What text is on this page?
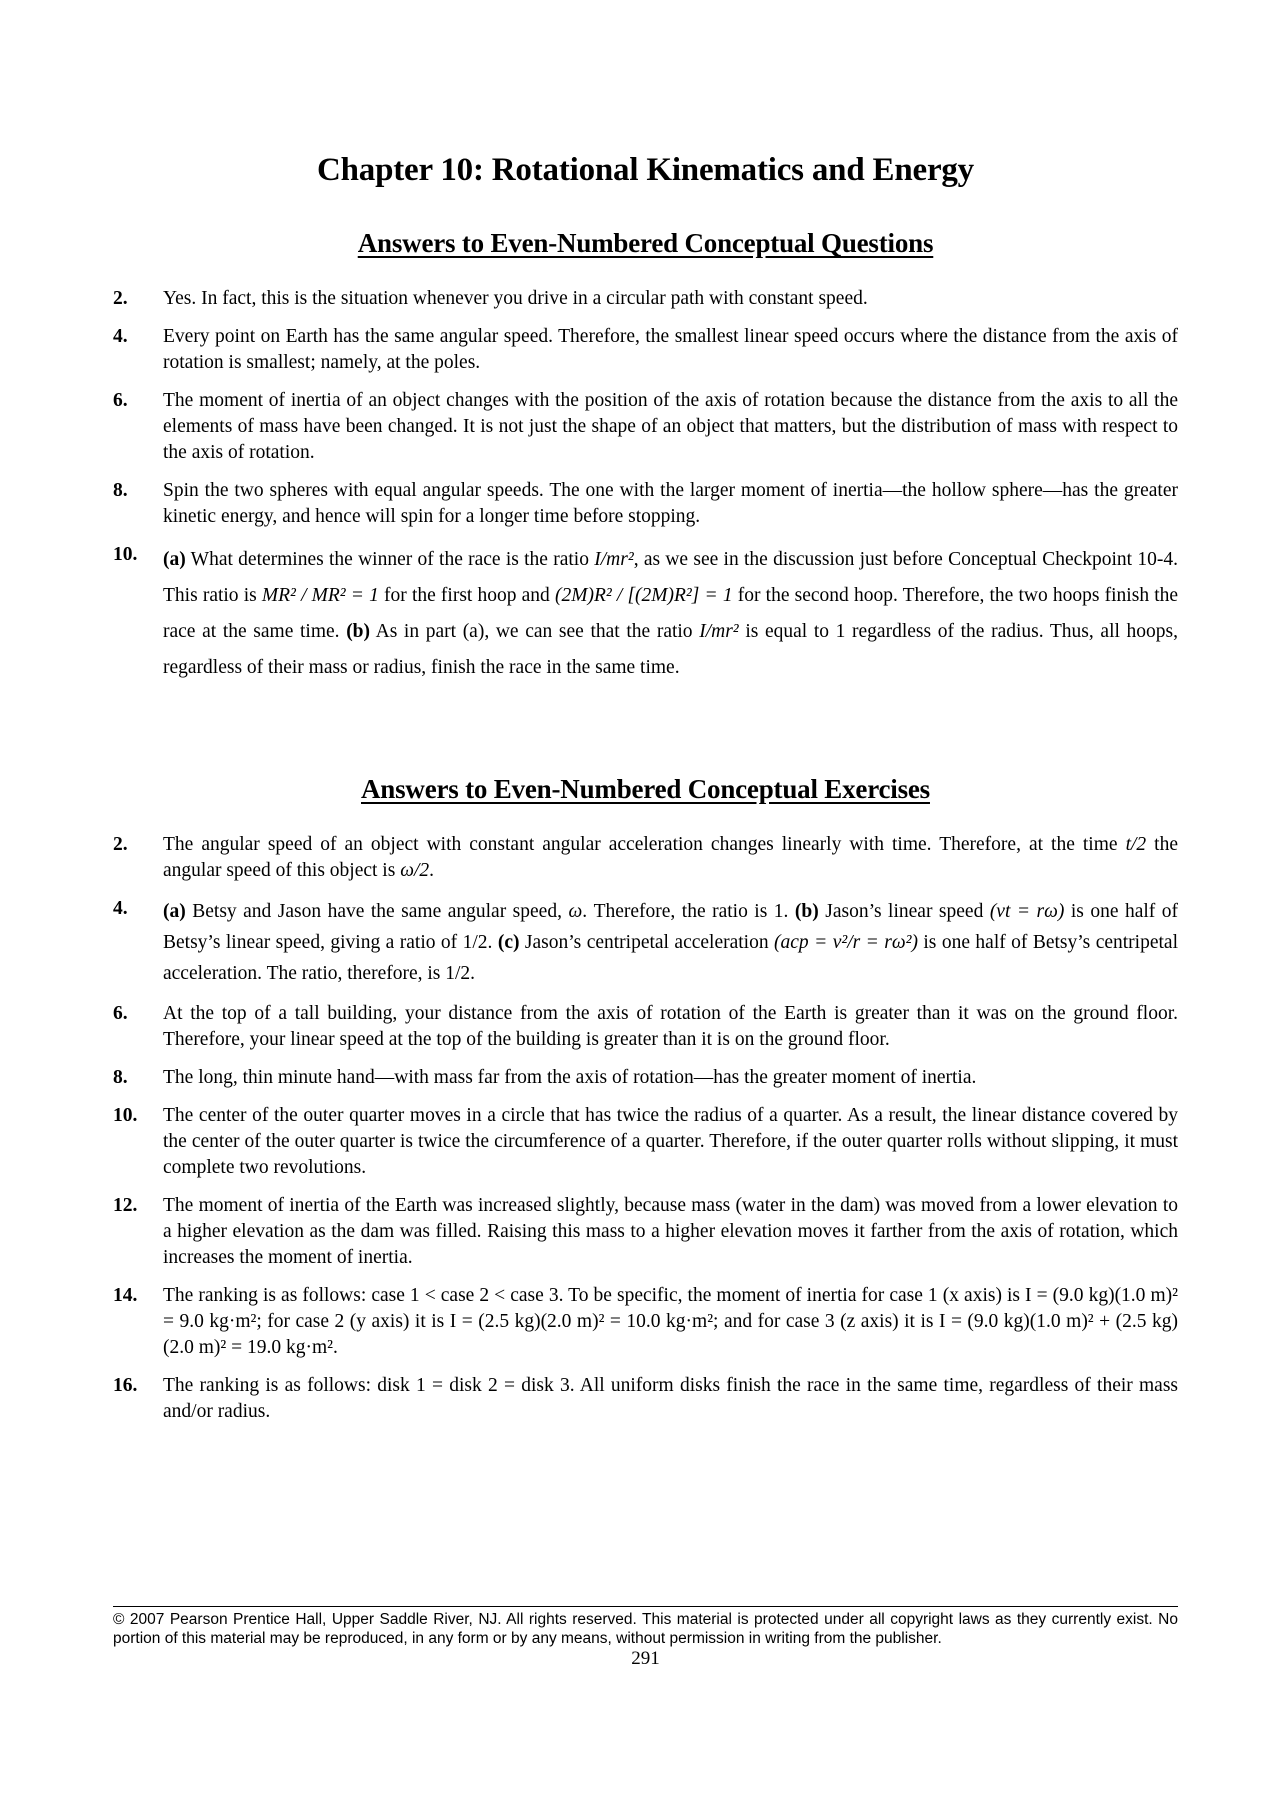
Chapter 10: Rotational Kinematics and Energy
Answers to Even-Numbered Conceptual Questions
2.	Yes. In fact, this is the situation whenever you drive in a circular path with constant speed.
4.	Every point on Earth has the same angular speed. Therefore, the smallest linear speed occurs where the distance from the axis of rotation is smallest; namely, at the poles.
6.	The moment of inertia of an object changes with the position of the axis of rotation because the distance from the axis to all the elements of mass have been changed. It is not just the shape of an object that matters, but the distribution of mass with respect to the axis of rotation.
8.	Spin the two spheres with equal angular speeds. The one with the larger moment of inertia—the hollow sphere—has the greater kinetic energy, and hence will spin for a longer time before stopping.
10.	(a) What determines the winner of the race is the ratio I/mr², as we see in the discussion just before Conceptual Checkpoint 10-4. This ratio is MR² / MR² = 1 for the first hoop and (2M)R² / [(2M)R²] = 1 for the second hoop. Therefore, the two hoops finish the race at the same time. (b) As in part (a), we can see that the ratio I/mr² is equal to 1 regardless of the radius. Thus, all hoops, regardless of their mass or radius, finish the race in the same time.
Answers to Even-Numbered Conceptual Exercises
2.	The angular speed of an object with constant angular acceleration changes linearly with time. Therefore, at the time t/2 the angular speed of this object is ω/2.
4.	(a) Betsy and Jason have the same angular speed, ω. Therefore, the ratio is 1. (b) Jason’s linear speed (vt = rω) is one half of Betsy’s linear speed, giving a ratio of 1/2. (c) Jason’s centripetal acceleration (acp = v²/r = rω²) is one half of Betsy’s centripetal acceleration. The ratio, therefore, is 1/2.
6.	At the top of a tall building, your distance from the axis of rotation of the Earth is greater than it was on the ground floor. Therefore, your linear speed at the top of the building is greater than it is on the ground floor.
8.	The long, thin minute hand—with mass far from the axis of rotation—has the greater moment of inertia.
10.	The center of the outer quarter moves in a circle that has twice the radius of a quarter. As a result, the linear distance covered by the center of the outer quarter is twice the circumference of a quarter. Therefore, if the outer quarter rolls without slipping, it must complete two revolutions.
12.	The moment of inertia of the Earth was increased slightly, because mass (water in the dam) was moved from a lower elevation to a higher elevation as the dam was filled. Raising this mass to a higher elevation moves it farther from the axis of rotation, which increases the moment of inertia.
14.	The ranking is as follows: case 1 < case 2 < case 3. To be specific, the moment of inertia for case 1 (x axis) is I = (9.0 kg)(1.0 m)² = 9.0 kg·m²; for case 2 (y axis) it is I = (2.5 kg)(2.0 m)² = 10.0 kg·m²; and for case 3 (z axis) it is I = (9.0 kg)(1.0 m)² + (2.5 kg)(2.0 m)² = 19.0 kg·m².
16.	The ranking is as follows: disk 1 = disk 2 = disk 3. All uniform disks finish the race in the same time, regardless of their mass and/or radius.
© 2007 Pearson Prentice Hall, Upper Saddle River, NJ. All rights reserved. This material is protected under all copyright laws as they currently exist. No portion of this material may be reproduced, in any form or by any means, without permission in writing from the publisher.
291
